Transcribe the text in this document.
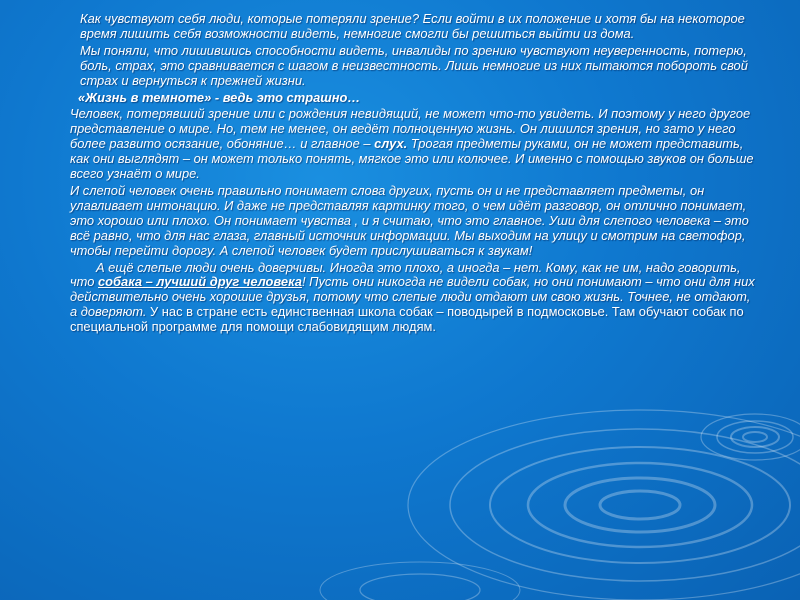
Как чувствуют себя люди, которые потеряли зрение? Если войти в их положение и хотя бы на некоторое время лишить себя возможности видеть, немногие смогли бы решиться выйти из дома.

Мы поняли, что лишившись способности видеть, инвалиды по зрению чувствуют неуверенность, потерю, боль, страх, это сравнивается с шагом в неизвестность. Лишь немногие из них пытаются побороть свой страх и вернуться к прежней жизни.

«Жизнь в темноте» - ведь это страшно…

Человек, потерявший зрение или с рождения невидящий, не может что-то увидеть. И поэтому у него другое представление о мире. Но, тем не менее, он ведёт полноценную жизнь. Он лишился зрения, но зато у него более развито осязание, обоняние… и главное – слух. Трогая предметы руками, он не может представить, как они выглядят – он может только понять, мягкое это или колючее. И именно с помощью звуков он больше всего узнаёт о мире.

И слепой человек очень правильно понимает слова других, пусть он и не представляет предметы, он улавливает интонацию. И даже не представляя картинку того, о чем идёт разговор, он отлично понимает, это хорошо или плохо. Он понимает чувства , и я считаю, что это главное. Уши для слепого человека – это всё равно, что для нас глаза, главный источник информации. Мы выходим на улицу и смотрим на светофор, чтобы перейти дорогу. А слепой человек будет прислушиваться к звукам!

А ещё слепые люди очень доверчивы. Иногда это плохо, а иногда – нет. Кому, как не им, надо говорить, что собака – лучший друг человека! Пусть они никогда не видели собак, но они понимают – что они для них действительно очень хорошие друзья, потому что слепые люди отдают им свою жизнь. Точнее, не отдают, а доверяют. У нас в стране есть единственная школа собак – поводырей в подмосковье. Там обучают собак по специальной программе для помощи слабовидящим людям.
